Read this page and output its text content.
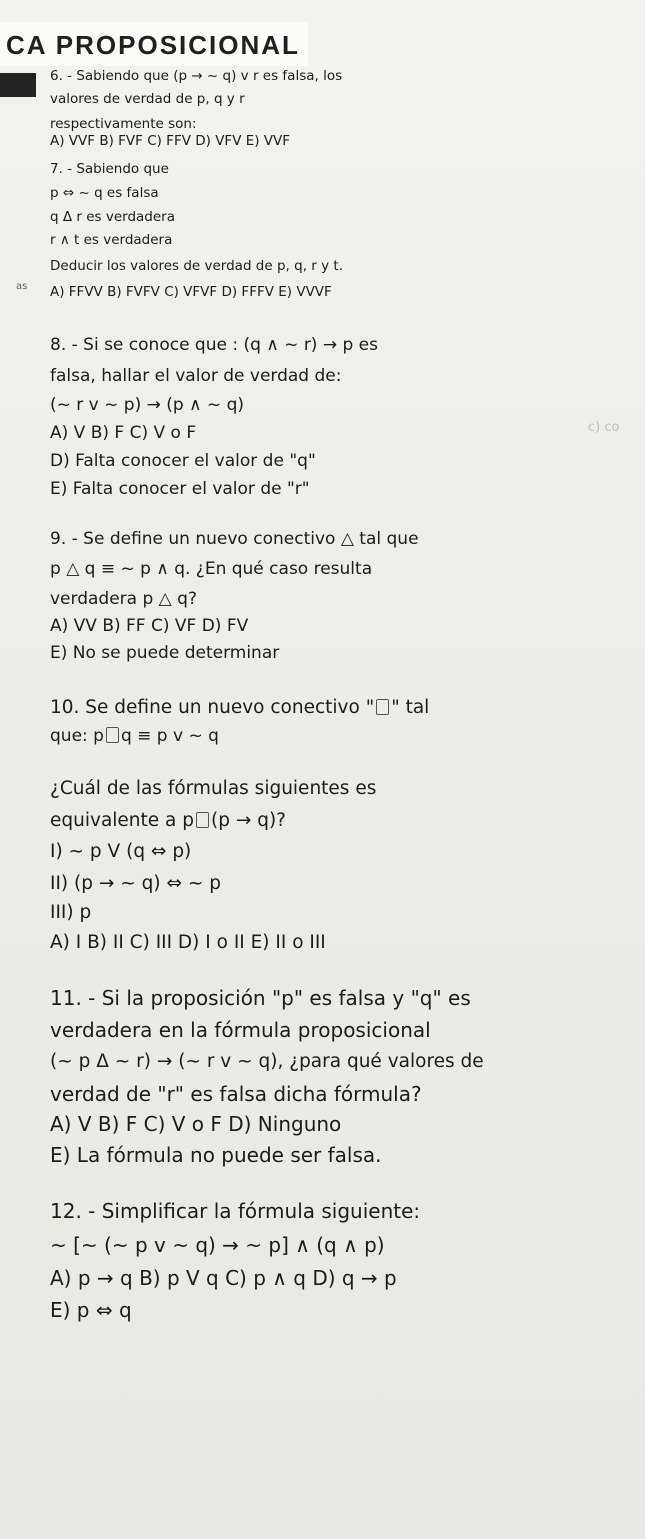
CA PROPOSICIONAL
as
c) co
6. - Sabiendo que (p → ~ q) v r es falsa, los
valores de verdad de p, q y r
respectivamente son:
A) VVF B) FVF C) FFV D) VFV E) VVF
7. - Sabiendo que
p ⇔ ~ q es falsa
q Δ r es verdadera
r ∧ t es verdadera
Deducir los valores de verdad de p, q, r y t.
A) FFVV B) FVFV C) VFVF D) FFFV E) VVVF
8. - Si se conoce que : (q ∧ ~ r) → p es
falsa, hallar el valor de verdad de:
(~ r v ~ p) → (p ∧ ~ q)
A) V B) F C) V o F
D) Falta conocer el valor de "q"
E) Falta conocer el valor de "r"
9. - Se define un nuevo conectivo △ tal que
p △ q ≡ ~ p ∧ q. ¿En qué caso resulta
verdadera p △ q?
A) VV B) FF C) VF D) FV
E) No se puede determinar
10. Se define un nuevo conectivo " " tal
que: p q ≡ p v ~ q
¿Cuál de las fórmulas siguientes es
equivalente a p (p → q)?
I) ~ p V (q ⇔ p)
II) (p → ~ q) ⇔ ~ p
III) p
A) I B) II C) III D) I o II E) II o III
11. - Si la proposición "p" es falsa y "q" es
verdadera en la fórmula proposicional
(~ p Δ ~ r) → (~ r v ~ q), ¿para qué valores de
verdad de "r" es falsa dicha fórmula?
A) V B) F C) V o F D) Ninguno
E) La fórmula no puede ser falsa.
12. - Simplificar la fórmula siguiente:
~ [~ (~ p v ~ q) → ~ p] ∧ (q ∧ p)
A) p → q B) p V q C) p ∧ q D) q → p
E) p ⇔ q
